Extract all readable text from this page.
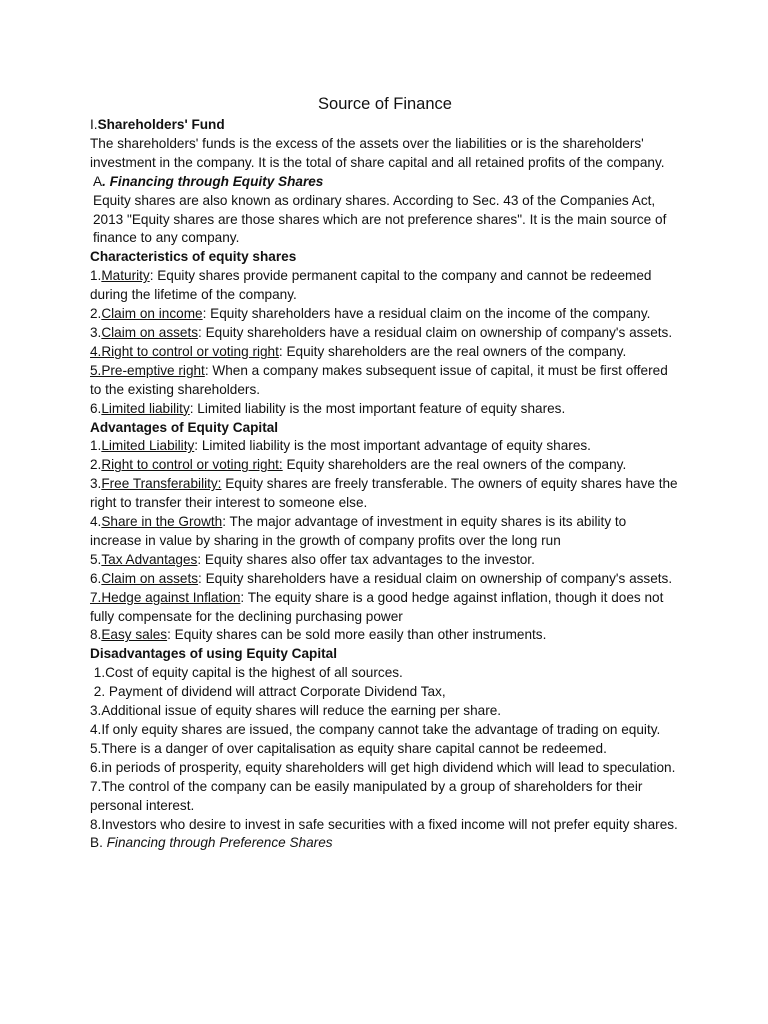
Source of Finance

I.Shareholders' Fund

The shareholders' funds is the excess of the assets over the liabilities or is the shareholders' investment in the company. It is the total of share capital and all retained profits of the company.

A. Financing through Equity Shares

Equity shares are also known as ordinary shares. According to Sec. 43 of the Companies Act, 2013 "Equity shares are those shares which are not preference shares". It is the main source of finance to any company.

Characteristics of equity shares

1.Maturity: Equity shares provide permanent capital to the company and cannot be redeemed during the lifetime of the company.

2.Claim on income: Equity shareholders have a residual claim on the income of the company.

3.Claim on assets: Equity shareholders have a residual claim on ownership of company's assets.

4.Right to control or voting right: Equity shareholders are the real owners of the company.

5.Pre-emptive right: When a company makes subsequent issue of capital, it must be first offered to the existing shareholders.

6.Limited liability: Limited liability is the most important feature of equity shares.

Advantages of Equity Capital

1.Limited Liability: Limited liability is the most important advantage of equity shares.

2.Right to control or voting right: Equity shareholders are the real owners of the company.

3.Free Transferability: Equity shares are freely transferable. The owners of equity shares have the right to transfer their interest to someone else.

4.Share in the Growth: The major advantage of investment in equity shares is its ability to increase in value by sharing in the growth of company profits over the long run

5.Tax Advantages: Equity shares also offer tax advantages to the investor.

6.Claim on assets: Equity shareholders have a residual claim on ownership of company's assets.

7.Hedge against Inflation: The equity share is a good hedge against inflation, though it does not fully compensate for the declining purchasing power

8.Easy sales: Equity shares can be sold more easily than other instruments.

Disadvantages of using Equity Capital

1.Cost of equity capital is the highest of all sources.

2. Payment of dividend will attract Corporate Dividend Tax,

3.Additional issue of equity shares will reduce the earning per share.

4.If only equity shares are issued, the company cannot take the advantage of trading on equity.

5.There is a danger of over capitalisation as equity share capital cannot be redeemed.

6.in periods of prosperity, equity shareholders will get high dividend which will lead to speculation.

7.The control of the company can be easily manipulated by a group of shareholders for their personal interest.

8.Investors who desire to invest in safe securities with a fixed income will not prefer equity shares.

B. Financing through Preference Shares
